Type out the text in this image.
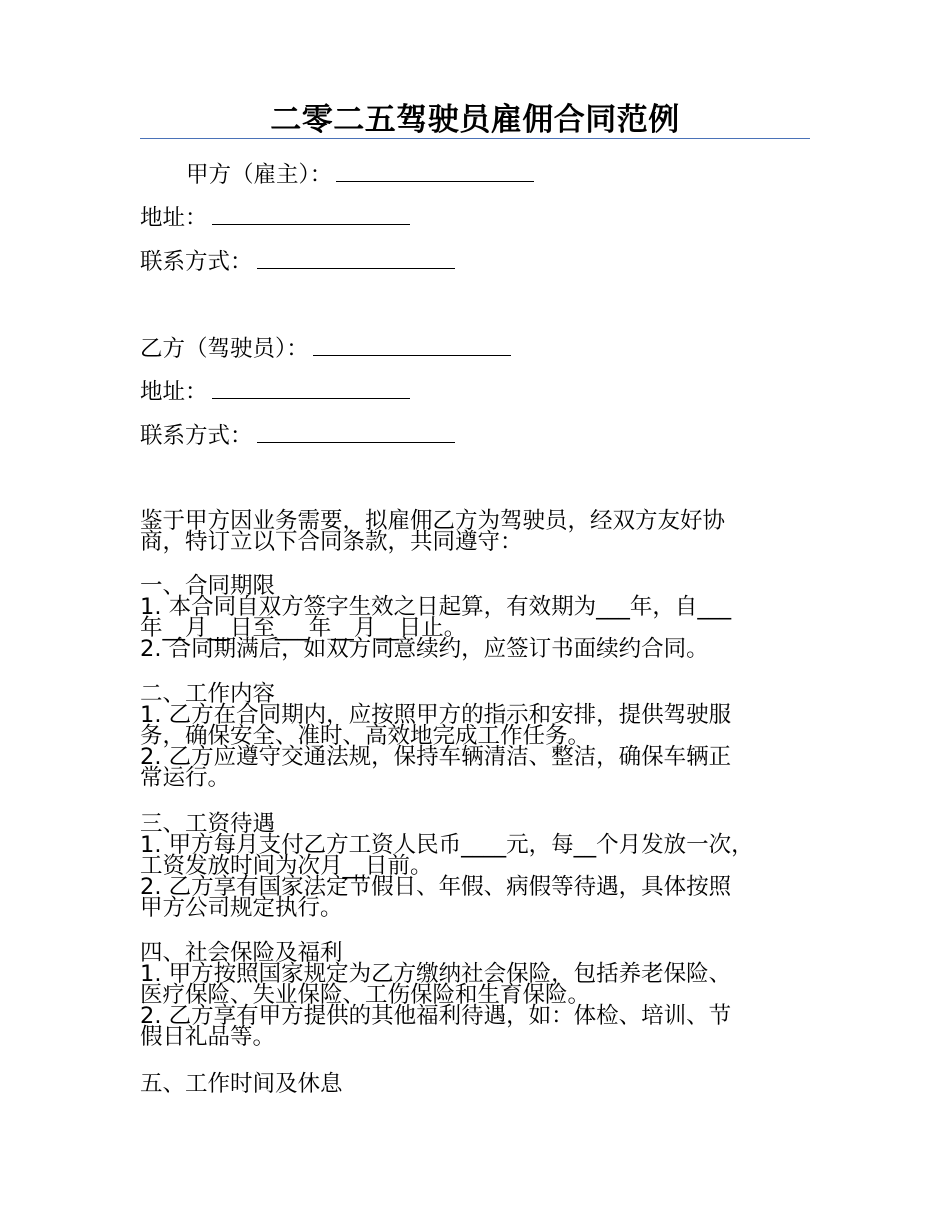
二零二五驾驶员雇佣合同范例
甲方（雇主）：
地址：
联系方式：
乙方（驾驶员）：
地址：
联系方式：
鉴于甲方因业务需要，拟雇佣乙方为驾驶员，经双方友好协
商，特订立以下合同条款，共同遵守：
一、合同期限
1. 本合同自双方签字生效之日起算，有效期为___年，自___
年__月__日至___年__月__日止。
2. 合同期满后，如双方同意续约，应签订书面续约合同。
二、工作内容
1. 乙方在合同期内，应按照甲方的指示和安排，提供驾驶服
务，确保安全、准时、高效地完成工作任务。
2. 乙方应遵守交通法规，保持车辆清洁、整洁，确保车辆正
常运行。
三、工资待遇
1. 甲方每月支付乙方工资人民币____元，每__个月发放一次，
工资发放时间为次月__日前。
2. 乙方享有国家法定节假日、年假、病假等待遇，具体按照
甲方公司规定执行。
四、社会保险及福利
1. 甲方按照国家规定为乙方缴纳社会保险，包括养老保险、
医疗保险、失业保险、工伤保险和生育保险。
2. 乙方享有甲方提供的其他福利待遇，如：体检、培训、节
假日礼品等。
五、工作时间及休息
